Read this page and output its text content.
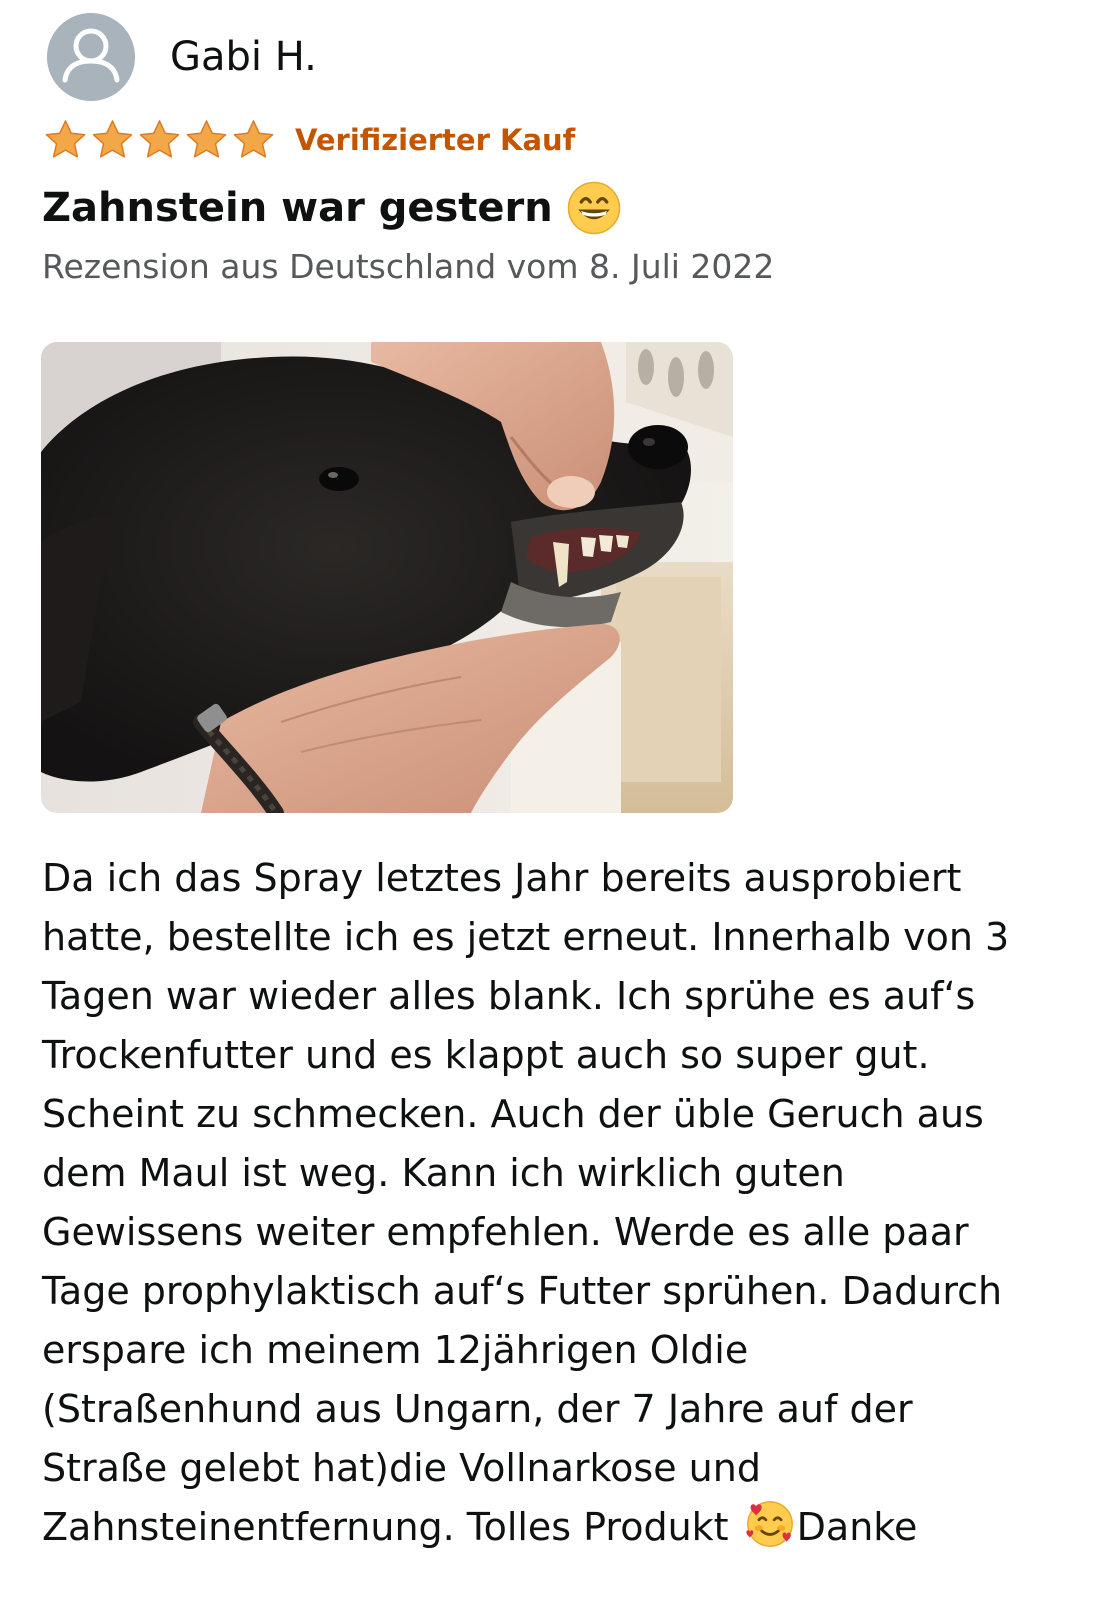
Gabi H.
Verifizierter Kauf
Zahnstein war gestern
Rezension aus Deutschland vom 8. Juli 2022
Da ich das Spray letztes Jahr bereits ausprobiert
hatte, bestellte ich es jetzt erneut. Innerhalb von 3
Tagen war wieder alles blank. Ich sprühe es auf‘s
Trockenfutter und es klappt auch so super gut.
Scheint zu schmecken. Auch der üble Geruch aus
dem Maul ist weg. Kann ich wirklich guten
Gewissens weiter empfehlen. Werde es alle paar
Tage prophylaktisch auf‘s Futter sprühen. Dadurch
erspare ich meinem 12jährigen Oldie
(Straßenhund aus Ungarn, der 7 Jahre auf der
Straße gelebt hat)die Vollnarkose und
Zahnsteinentfernung. Tolles Produkt Danke
